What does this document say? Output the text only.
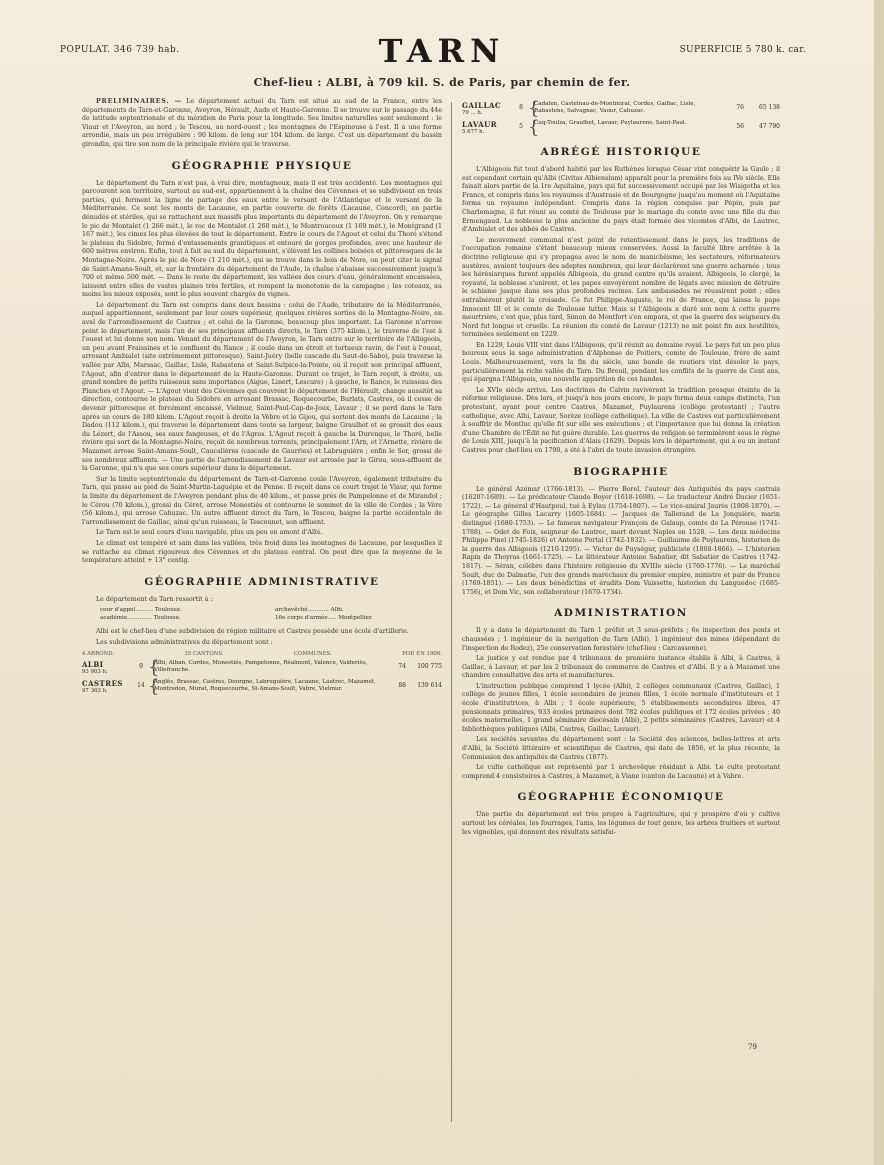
POPULAT. 346 739 hab.	TARN	SUPERFICIE 5 780 k. car.
Chef-lieu : ALBI, à 709 kil. S. de Paris, par chemin de fer.

PRÉLIMINAIRES. — Le département actuel du Tarn est situé au sud de la France, entre les départements de Tarn-et-Garonne, Aveyron, Hérault, Aude et Haute-Garonne. Il se trouve sur le passage du 44e de latitude septentrionale et du méridien de Paris pour la longitude. Ses limites naturelles sont seulement : le Viaur et l'Aveyron, au nord ; le Tescou, au nord-ouest ; les montagnes de l'Espinouse à l'est. Il a une forme arrondie, mais un peu irrégulière : 90 kilom. de long sur 104 kilom. de large. C'est un département du bassin girondin, qui tire son nom de la principale rivière qui le traverse.

GÉOGRAPHIE PHYSIQUE

Le département du Tarn n'est pas, à vrai dire, montagneux, mais il est très accidenté. Les montagnes qui parcourent son territoire, surtout au sud-est, appartiennent à la chaîne des Cévennes et se subdivisent en trois parties, qui forment la ligne de partage des eaux entre le versant de l'Atlantique et le versant de la Méditerranée. Ce sont les monts de Lacaune, en partie couverte de forêts (Lacaune, Concord), en partie dénudés et stériles, qui se rattachent aux massifs plus importants du département de l'Aveyron. On y remarque le pic de Montalet (1 266 mèt.), le roc de Montalet (1 260 mèt.), le Montroucoux (1 169 mèt.), le Montgrand (1 167 mèt.), les cimes les plus élevées de tout le département. Entre le cours de l'Agout et celui du Thoré s'étend le plateau du Sidobre, formé d'entassements granitiques et entouré de gorges profondes, avec une hauteur de 600 mètres environ. Enfin, tout à fait au sud du département, s'élèvent les collines boisées et pittoresques de la Montagne-Noire. Après le pic de Nore (1 210 mèt.), qui se trouve dans le bois de Nore, on peut citer le signal de Saint-Amans-Soult, et, sur la frontière du département de l'Aude, la chaîne s'abaisse successivement jusqu'à 700 et même 500 mèt. — Dans le reste du département, les vallées des cours d'eau, généralement encaissées, laissent entre elles de vastes plaines très fertiles, et rompent la monotonie de la campagne ; les coteaux, au moins les mieux exposés, sont le plus souvent chargés de vignes.

Le département du Tarn est compris dans deux bassins : celui de l'Aude, tributaire de la Méditerranée, auquel appartiennent, seulement par leur cours supérieur, quelques rivières sorties de la Montagne-Noire, en aval de l'arrondissement de Castres ; et celui de la Garonne, beaucoup plus important. La Garonne n'arrose point le département, mais l'un de ses principaux affluents directs, le Tarn (375 kilom.), le traverse de l'est à l'ouest et lui donne son nom. Venant du département de l'Aveyron, le Tarn entre sur le territoire de l'Albigeois, un peu avant Fraissines et le confluent du Rance ; il coule dans un étroit et tortueux ravin, de l'est à l'ouest, arrosant Ambialet (site extrêmement pittoresque), Saint-Juéry (belle cascade du Saut-de-Sabo), puis traverse la vallée par Albi, Marssac, Gaillac, Lisle, Rabastens et Saint-Sulpice-la-Pointe, où il reçoit son principal affluent, l'Agout, afin d'entrer dans le département de la Haute-Garonne. Durant ce trajet, le Tarn reçoit, à droite, un grand nombre de petits ruisseaux sans importance (Aiguo, Linert, Lescure) ; à gauche, le Rance, le ruisseau des Planches et l'Agout. — L'Agout vient des Cévennes qui couvrent le département de l'Hérault, change aussitôt sa direction, contourne le plateau du Sidobre en arrosant Brassac, Roquecourbe, Burlats, Castres, où il cesse de devenir pittoresque et forcément encaissé, Vielmur, Saint-Paul-Cap-de-Joux, Lavaur ; il se perd dans le Tarn après un cours de 180 kilom. L'Agout reçoit à droite la Vèbre et le Gijou, qui sortent des monts de Lacaune ; la Dadou (112 kilom.), qui traverse le département dans toute sa largeur, baigne Graulhet et se grossit des eaux du Lézert, de l'Assou, ses eaux fangeuses, et de l'Agros. L'Agout reçoit à gauche la Durenque, le Thoré, belle rivière qui sort de la Montagne-Noire, reçoit de nombreux torrents, principalement l'Arn, et l'Arnette, rivière de Mazamet arrose Saint-Amans-Soult, Caucalières (cascade de Gaurries) et Labruguière ; enfin le Sor, grossi de ses nombreux affluents. — Une partie de l'arrondissement de Lavaur est arrosée par le Girou, sous-affluent de la Garonne, qui n'a que ses cours supérieur dans le département.

Sur la limite septentrionale du département de Tarn-et-Garonne coule l'Aveyron, également tributaire du Tarn, qui passe au pied de Saint-Martin-Laguépie et de Penne. Il reçoit dans ce court trajet le Viaur, qui forme la limite du département de l'Aveyron pendant plus de 40 kilom., et passe près de Pampelonne et de Mirandol ; le Cérou (70 kilom.), grossi du Céret, arrose Monestiés et contourne le sommet de la ville de Cordes ; la Vère (56 kilom.), qui arrose Cahuzac. Un autre affluent direct du Tarn, le Tescou, baigne la partie occidentale de l'arrondissement de Gaillac, ainsi qu'un ruisseau, le Tescounet, son affluent.

Le Tarn est le seul cours d'eau navigable, plus un peu en amont d'Albi.

Le climat est tempéré et sain dans les vallées, très froid dans les montagnes de Lacaune, par lesquelles il se rattache au climat rigoureux des Cévennes et du plateau central. On peut dire que la moyenne de la température atteint + 13° centig.

GÉOGRAPHIE ADMINISTRATIVE

Le département du Tarn ressortit à :

cour d'appel.......... Toulouse.
académie.............. Toulouse.
archevêché............ Albi.
16e corps d'armée..... Montpellier.

Albi est le chef-lieu d'une subdivision de région militaire et Castres possède une école d'artillerie.

Les subdivisions administratives du département sont :

4 ARROND.	35 CANTONS.	COMMUNES.	POP. EN 1906.
ALBI
93 903 h.
9 {
Albi, Alban, Cordes, Monestiés, Pampelonne, Réalmont, Valence, Valderiès, Villefranche.	74	100 775
CASTRES
97 363 h.
14 {
Anglès, Brassac, Castres, Dourgne, Labruguière, Lacaune, Lautrec, Mazamet, Montredon, Murat, Roquecourbe, St-Amans-Soult, Vabre, Vielmur.	88	139 614
GAILLAC
79 ... h.
8 {
Cadalen, Castelnau-de-Montmiral, Cordes, Gaillac, Lisle, Rabastens, Salvagnac, Vaour, Cahuzac.	76	65 138
LAVAUR
5 677 h.
5 {
Cuq-Toulza, Graulhet, Lavaur, Puylaurens, Saint-Paul.	56	47 790
ABRÉGÉ HISTORIQUE

L'Albigeois fut tout d'abord habité par les Ruthènes lorsque César vint conquérir la Gaule ; il est cependant certain qu'Albi (Civitas Albiensium) apparaît pour la première fois au IVe siècle. Elle faisait alors partie de la 1re Aquitaine, pays qui fut successivement occupé par les Wisigoths et les Francs, et compris dans les royaumes d'Austrasie et de Bourgogne jusqu'au moment où l'Aquitaine forma un royaume indépendant. Compris dans la région conquise par Pépin, puis par Charlemagne, il fut réuni au comté de Toulouse par le mariage du comte avec une fille du duc Ermengaud. La noblesse la plus ancienne du pays était formée des vicomtes d'Albi, de Lautrec, d'Ambialet et des abbés de Castres.

Le mouvement communal n'est point de retentissement dans le pays, les traditions de l'occupation romaine s'étant beaucoup mieux conservées. Aussi la faculté libre arrêtée à la doctrine religieuse qui s'y propagea avec le nom de manichéisme, les sectateurs, réformateurs austères, avaient toujours des adeptes nombreux, qui leur déclarèrent une guerre acharnée ; tous les hérésiarques furent appelés Albigeois, du grand centre qu'ils avaient. Albigeois, le clergé, la royauté, la noblesse s'unirent, et les papes envoyèrent nombre de légats avec mission de détruire le schisme jusque dans ses plus profondes racines. Les ambassades ne réussirent point ; elles entraînèrent plutôt la croisade. Ce fut Philippe-Auguste, le roi de France, qui laissa le pape Innocent III et le comte de Toulouse lutter. Mais si l'Albigeois a duré son nom à cette guerre meurtrière, c'est que, plus tard, Simon de Montfort s'en empara, et que la guerre des seigneurs du Nord fut longue et cruelle. La réunion du comté de Lavaur (1213) ne mit point fin aux hostilités, terminées seulement en 1229.

En 1229, Louis VIII vint dans l'Albigeois, qu'il réunit au domaine royal. Le pays fut un peu plus heureux sous la sage administration d'Alphonse de Poitiers, comte de Toulouse, frère de saint Louis. Malheureusement, vers la fin du siècle, une bande de routiers vint désoler le pays, particulièrement la riche vallée du Tarn. Du Breuil, pendant les conflits de la guerre de Cent ans, qui épargna l'Albigeois, une nouvelle apparition de ces bandes.

Le XVIe siècle arriva. Les doctrines de Calvin ravivèrent la tradition presque éteinte de la réforme religieuse. Dès lors, et jusqu'à nos jours encore, le pays forma deux camps distincts, l'un protestant, ayant pour centre Castres, Mazamet, Puylaurens (collège protestant) ; l'autre catholique, avec Albi, Lavaur, Sorèze (collège catholique). La ville de Castres eut particulièrement à souffrir de Montluc qu'elle fit sur elle ses exécutions ; et l'importance que lui donna la création d'une Chambre de l'Édit ne fut guère durable. Les guerres de religion se terminèrent sous le règne de Louis XIII, jusqu'à la pacification d'Alais (1629). Depuis lors le département, qui a eu un instant Castres pour chef-lieu en 1790, a été à l'abri de toute invasion étrangère.

BIOGRAPHIE

Le général Azémar (1766-1813). — Pierre Borel, l'auteur des Antiquités du pays castrais (1620?-1689). — Le prédicateur Claude Boyer (1618-1698). — Le traducteur André Dacier (1651-1722). — Le général d'Hautpoul, tué à Eylau (1754-1807). — Le vice-amiral Jaurès (1808-1870). — Le géographe Gilles Lacarry (1605-1684). — Jacques de Tallerand de La Jonquière, marin distingué (1680-1753). — Le fameux navigateur François de Galaup, comte de La Pérouse (1741-1788). — Odet de Foix, seigneur de Lautrec, mort devant Naples en 1528. — Les deux médecins Philippe Pinel (1745-1826) et Antoine Portal (1742-1832). — Guillaume de Puylaurens, historien de la guerre des Albigeois (1210-1295). — Victor de Puységur, publiciste (1808-1866). — L'historien Rapin de Thoyras (1661-1725). — Le littérateur Antoine Sabatier, dit Sabatier de Castres (1742-1817). — Séran, célèbre dans l'histoire religieuse du XVIIIe siècle (1760-1776). — Le maréchal Soult, duc de Dalmatie, l'un des grands maréchaux du premier empire, ministre et pair de France (1769-1851). — Les deux bénédictins et érudits Dom Vaissette, historien du Languedoc (1685-1756), et Dom Vic, son collaborateur (1670-1734).

ADMINISTRATION

Il y a dans le département du Tarn 1 préfet et 3 sous-préfets ; 6e inspection des ponts et chaussées ; 1 ingénieur de la navigation du Tarn (Albi), 1 ingénieur des mines (dépendant de l'inspection de Rodez), 25e conservation forestière (chef-lieu : Carcassonne).

La justice y est rendue par 4 tribunaux de première instance établis à Albi, à Castres, à Gaillac, à Lavaur, et par les 2 tribunaux de commerce de Castres et d'Albi. Il y a à Mazamet une chambre consultative des arts et manufactures.

L'instruction publique comprend 1 lycée (Albi), 2 collèges communaux (Castres, Gaillac), 1 collège de jeunes filles, 1 école secondaire de jeunes filles, 1 école normale d'instituteurs et 1 école d'institutrices, à Albi ; 1 école supérieure, 5 établissements secondaires libres, 47 pensionnats primaires, 933 écoles primaires dont 782 écoles publiques et 172 écoles privées ; 40 écoles maternelles, 1 grand séminaire diocésain (Albi), 2 petits séminaires (Castres, Lavaur) et 4 bibliothèques publiques (Albi, Castres, Gaillac, Lavaur).

Les sociétés savantes du département sont : la Société des sciences, belles-lettres et arts d'Albi, la Société littéraire et scientifique de Castres, qui date de 1856, et la plus récente, la Commission des antiquités de Castres (1877).

Le culte catholique est représenté par 1 archevêque résidant à Albi. Le culte protestant comprend 4 consistoires à Castres, à Mazamet, à Viane (canton de Lacaune) et à Vabre.

GÉOGRAPHIE ÉCONOMIQUE

Une partie du département est très propre à l'agriculture, qui y prospère d'où y cultive surtout les céréales, les fourrages, l'anis, les légumes de tout genre, les arbres fruitiers et surtout les vignobles, qui donnent des résultats satisfai-

79
